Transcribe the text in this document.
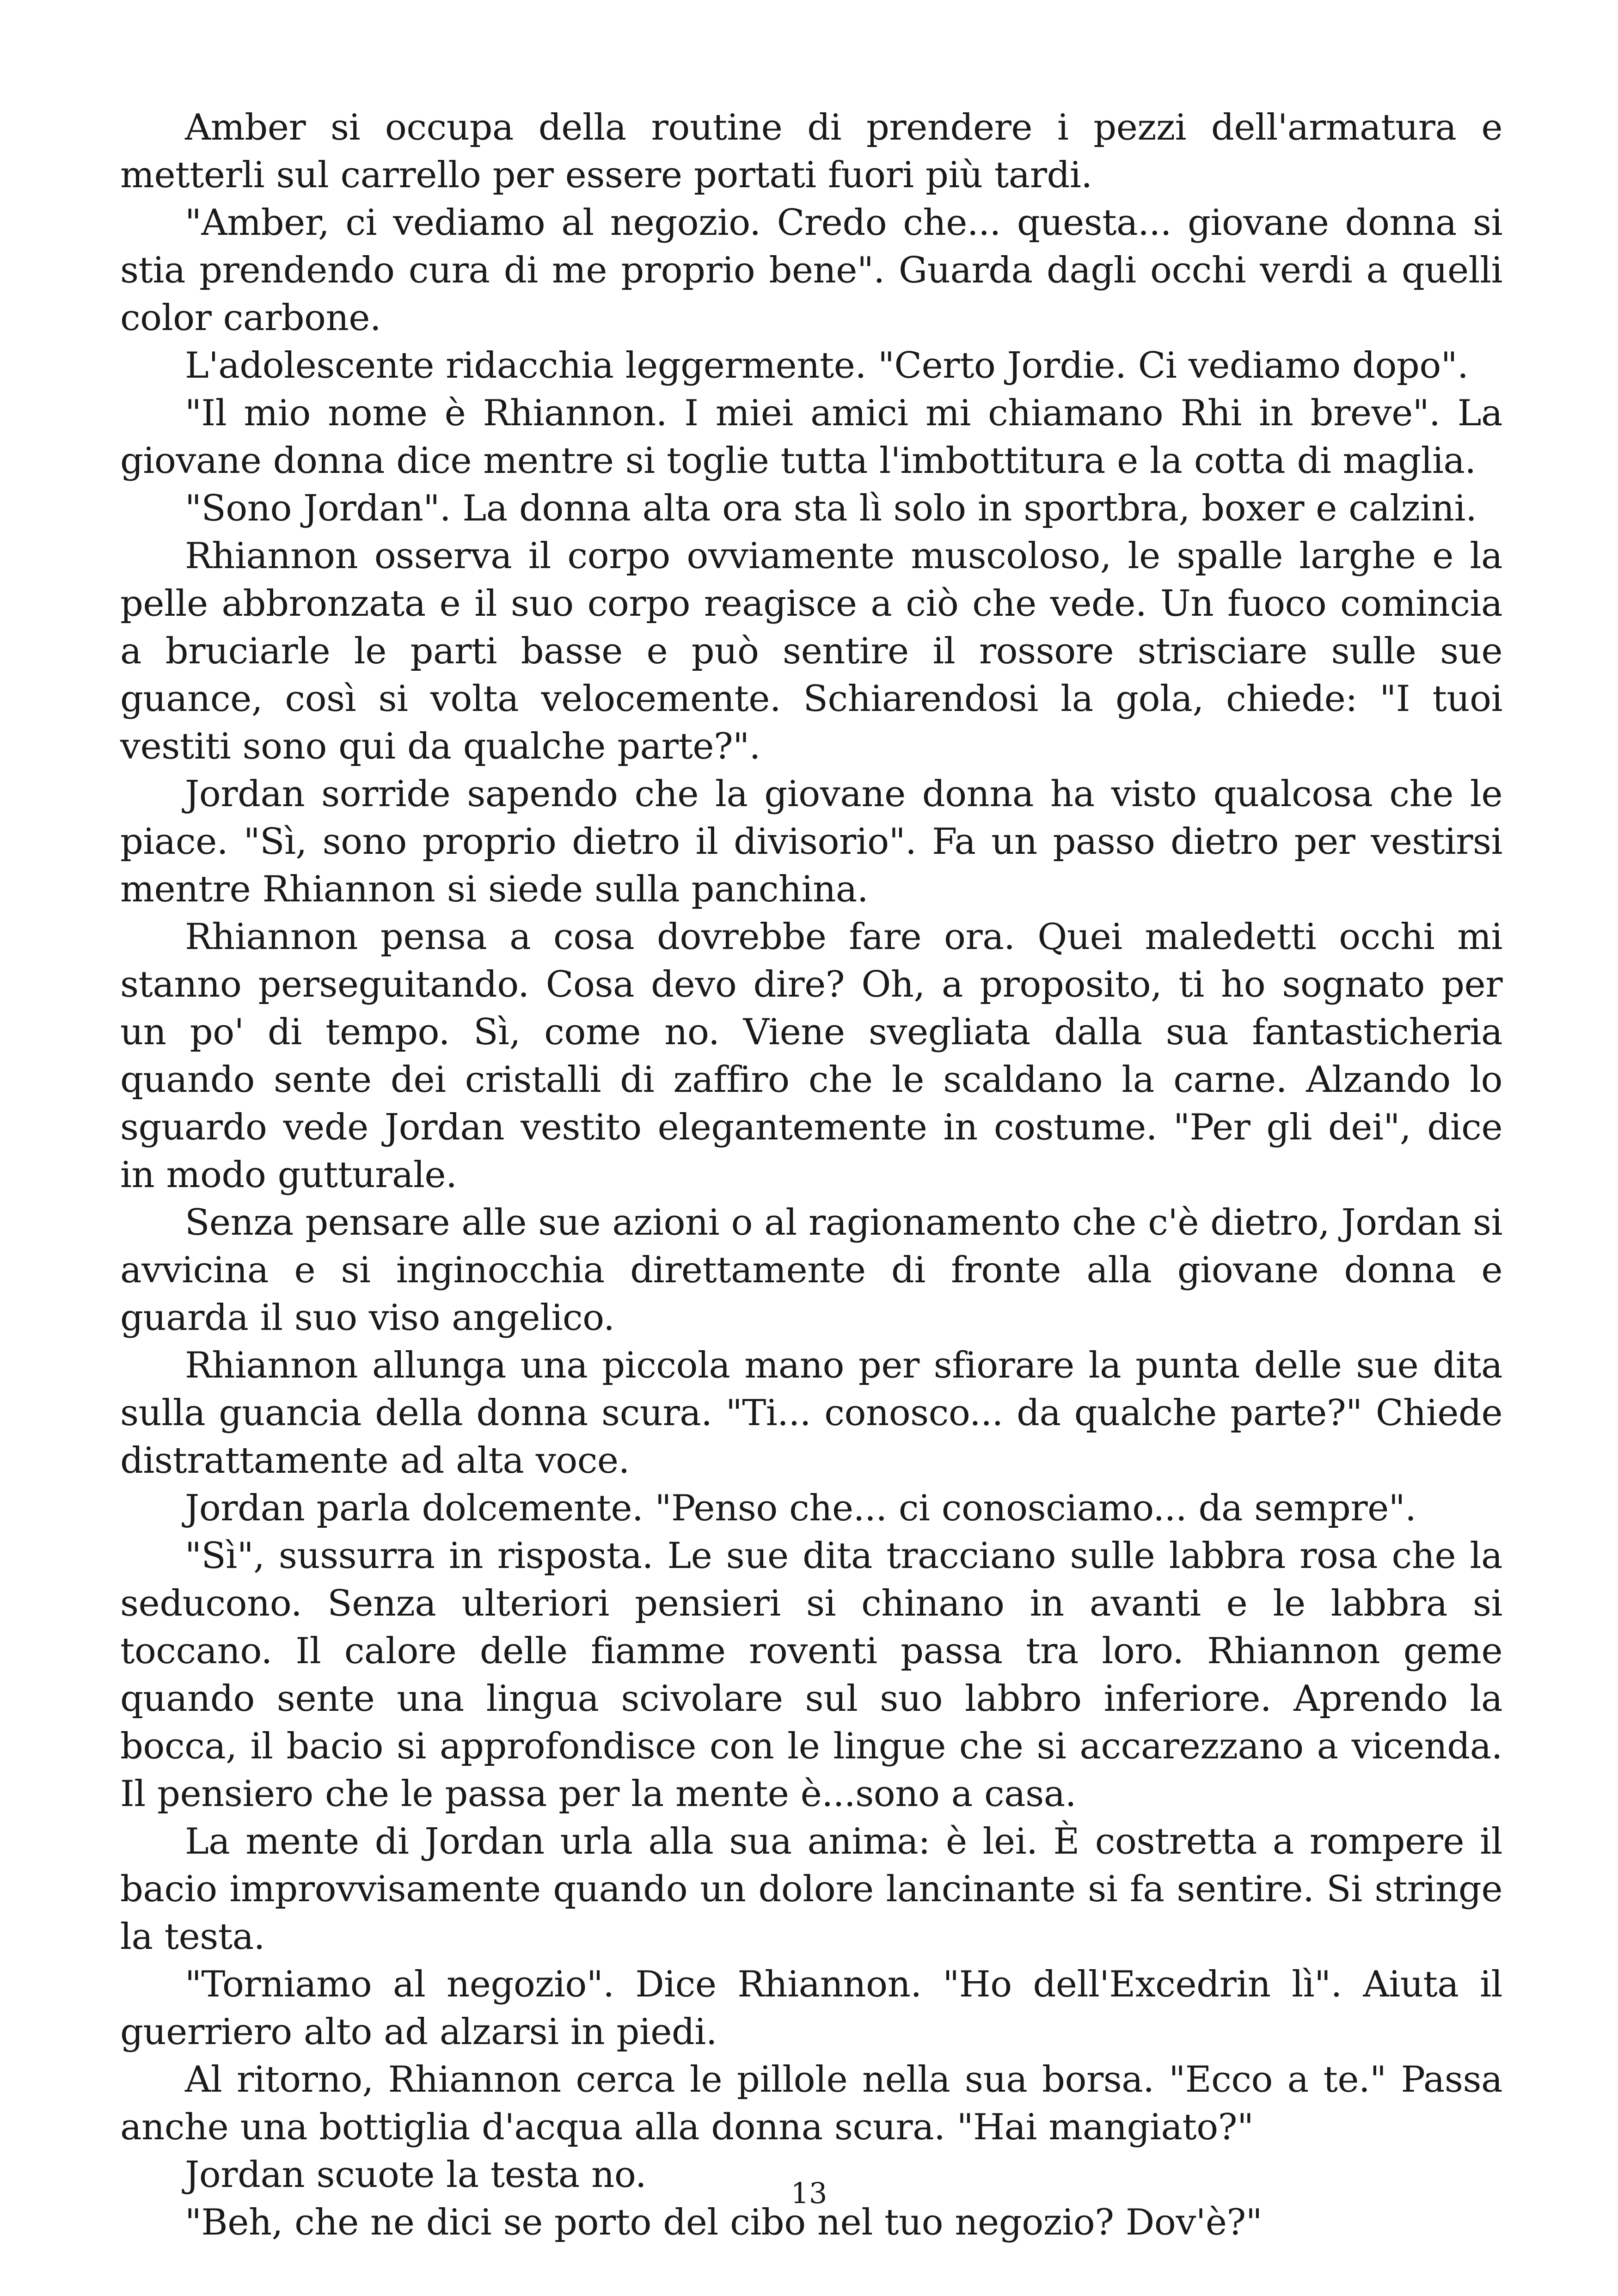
Amber si occupa della routine di prendere i pezzi dell'armatura e metterli sul carrello per essere portati fuori più tardi.

"Amber, ci vediamo al negozio. Credo che... questa... giovane donna si stia prendendo cura di me proprio bene". Guarda dagli occhi verdi a quelli color carbone.

L'adolescente ridacchia leggermente. "Certo Jordie. Ci vediamo dopo".

"Il mio nome è Rhiannon. I miei amici mi chiamano Rhi in breve". La giovane donna dice mentre si toglie tutta l'imbottitura e la cotta di maglia.

"Sono Jordan". La donna alta ora sta lì solo in sportbra, boxer e calzini.

Rhiannon osserva il corpo ovviamente muscoloso, le spalle larghe e la pelle abbronzata e il suo corpo reagisce a ciò che vede. Un fuoco comincia a bruciarle le parti basse e può sentire il rossore strisciare sulle sue guance, così si volta velocemente. Schiarendosi la gola, chiede: "I tuoi vestiti sono qui da qualche parte?".

Jordan sorride sapendo che la giovane donna ha visto qualcosa che le piace. "Sì, sono proprio dietro il divisorio". Fa un passo dietro per vestirsi mentre Rhiannon si siede sulla panchina.

Rhiannon pensa a cosa dovrebbe fare ora. Quei maledetti occhi mi stanno perseguitando. Cosa devo dire? Oh, a proposito, ti ho sognato per un po' di tempo. Sì, come no. Viene svegliata dalla sua fantasticheria quando sente dei cristalli di zaffiro che le scaldano la carne. Alzando lo sguardo vede Jordan vestito elegantemente in costume. "Per gli dei", dice in modo gutturale.

Senza pensare alle sue azioni o al ragionamento che c'è dietro, Jordan si avvicina e si inginocchia direttamente di fronte alla giovane donna e guarda il suo viso angelico.

Rhiannon allunga una piccola mano per sfiorare la punta delle sue dita sulla guancia della donna scura. "Ti... conosco... da qualche parte?" Chiede distrattamente ad alta voce.

Jordan parla dolcemente. "Penso che... ci conosciamo... da sempre".

"Sì", sussurra in risposta. Le sue dita tracciano sulle labbra rosa che la seducono. Senza ulteriori pensieri si chinano in avanti e le labbra si toccano. Il calore delle fiamme roventi passa tra loro. Rhiannon geme quando sente una lingua scivolare sul suo labbro inferiore. Aprendo la bocca, il bacio si approfondisce con le lingue che si accarezzano a vicenda. Il pensiero che le passa per la mente è...sono a casa.

La mente di Jordan urla alla sua anima: è lei. È costretta a rompere il bacio improvvisamente quando un dolore lancinante si fa sentire. Si stringe la testa.

"Torniamo al negozio". Dice Rhiannon. "Ho dell'Excedrin lì". Aiuta il guerriero alto ad alzarsi in piedi.

Al ritorno, Rhiannon cerca le pillole nella sua borsa. "Ecco a te." Passa anche una bottiglia d'acqua alla donna scura. "Hai mangiato?"

Jordan scuote la testa no.

"Beh, che ne dici se porto del cibo nel tuo negozio? Dov'è?"

13
